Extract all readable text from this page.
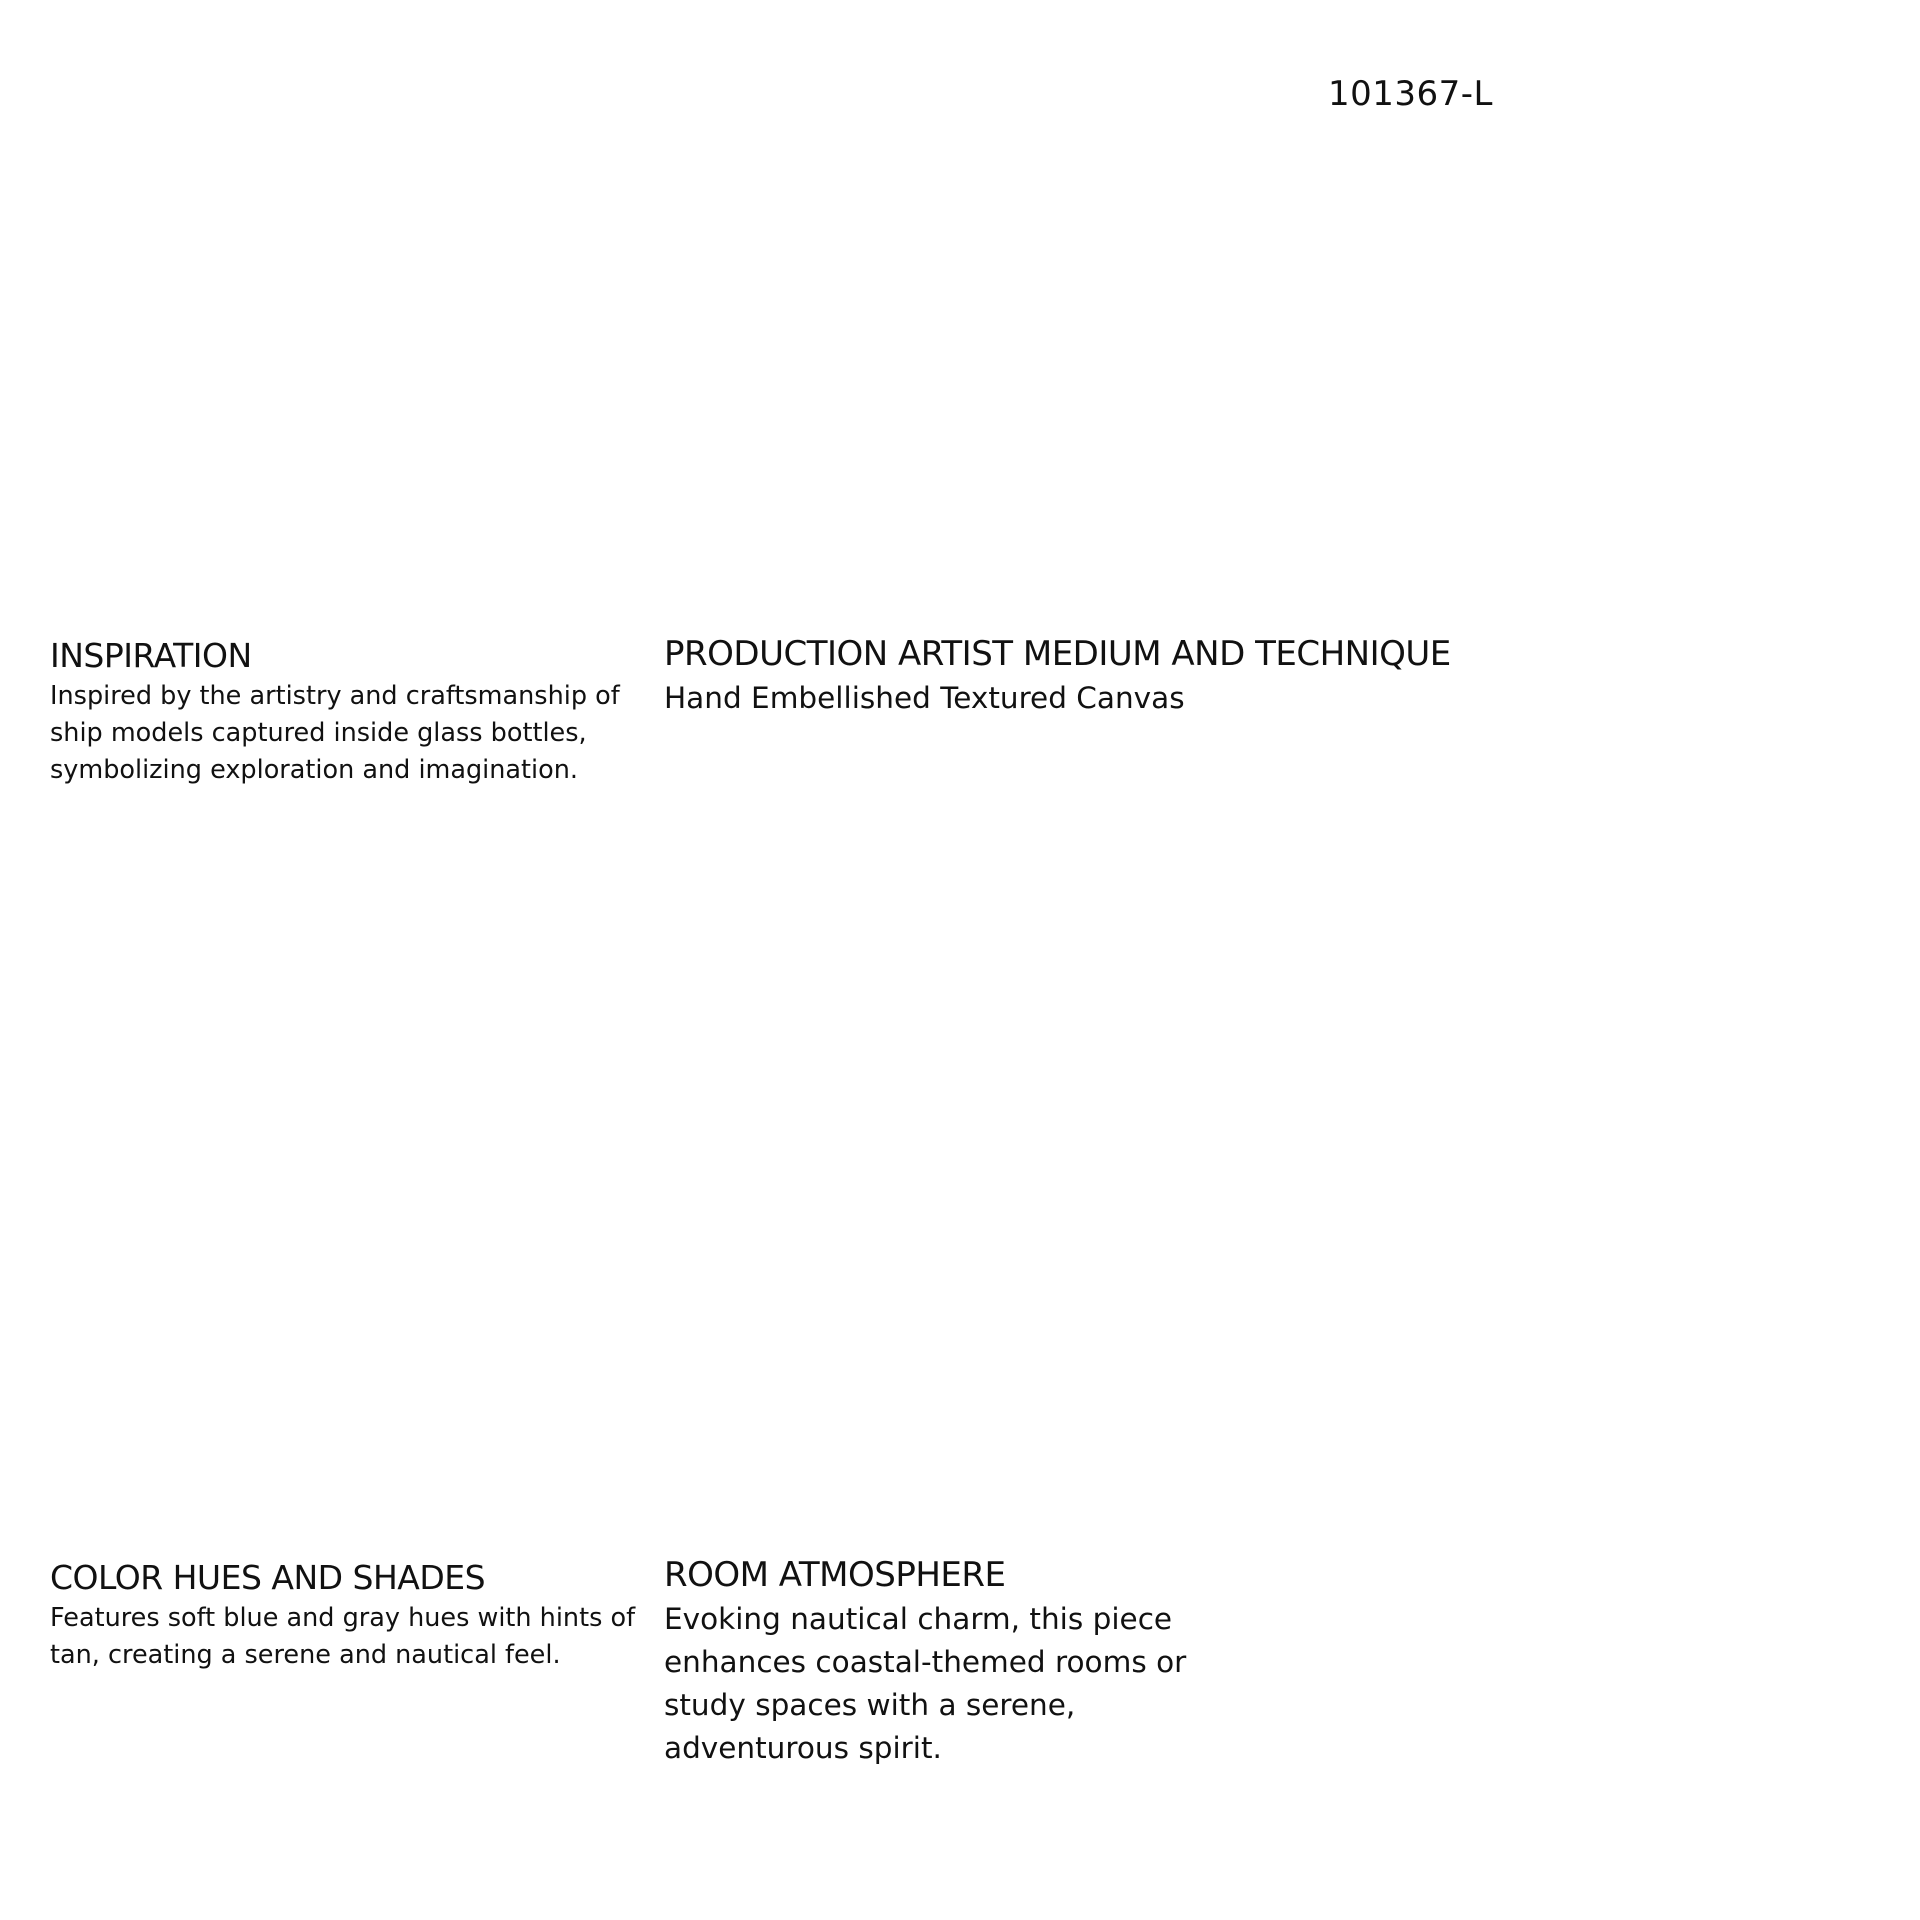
101367-L
INSPIRATION
Inspired by the artistry and craftsmanship of ship models captured inside glass bottles, symbolizing exploration and imagination.
PRODUCTION ARTIST MEDIUM AND TECHNIQUE
Hand Embellished Textured Canvas
COLOR HUES AND SHADES
Features soft blue and gray hues with hints of tan, creating a serene and nautical feel.
ROOM ATMOSPHERE
Evoking nautical charm, this piece enhances coastal-themed rooms or study spaces with a serene, adventurous spirit.
